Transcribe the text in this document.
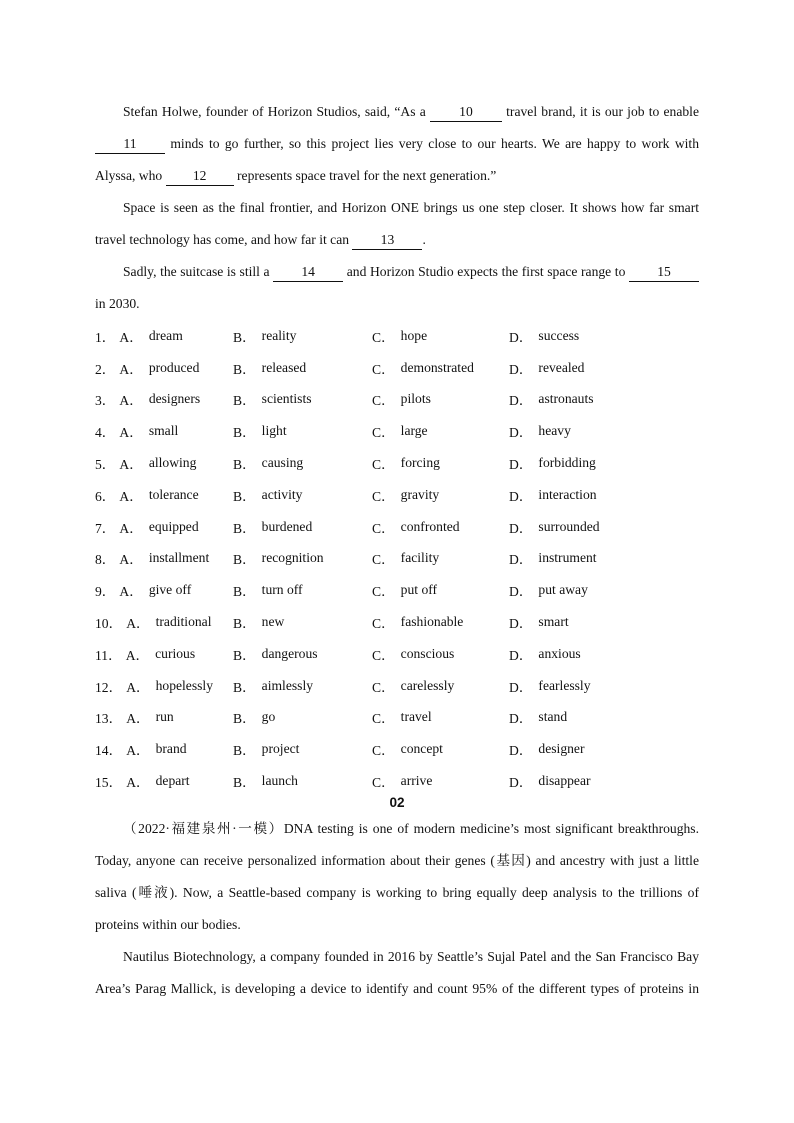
Stefan Holwe, founder of Horizon Studios, said, “As a 10 travel brand, it is our job to enable 11 minds to go further, so this project lies very close to our hearts. We are happy to work with Alyssa, who 12 represents space travel for the next generation.”

Space is seen as the final frontier, and Horizon ONE brings us one step closer. It shows how far smart travel technology has come, and how far it can 13 .

Sadly, the suitcase is still a 14 and Horizon Studio expects the first space range to 15 in 2030.

1． A． dream	B． reality	C． hope	D． success
2． A． produced B． released	C． demonstrated	D． revealed
3． A． designers B． scientists	C． pilots	D． astronauts
4． A． small	B． light	C． large	D． heavy
5． A． allowing	B． causing	C． forcing	D． forbidding
6． A． tolerance	B． activity	C． gravity	D． interaction
7． A． equipped	B． burdened	C． confronted	D． surrounded
8． A． installment B． recognition	C． facility	D． instrument
9． A． give off	B． turn off	C． put off	D． put away
10． A． traditional B． new	C． fashionable	D． smart
11． A． curious	B． dangerous	C． conscious	D． anxious
12． A． hopelessly B． aimlessly	C． carelessly	D． fearlessly
13． A． run	B． go	C． travel	D． stand
14． A． brand	B． project	C． concept	D． designer
15． A． depart	B． launch	C． arrive	D． disappear
02

（2022·福建泉州·一模）DNA testing is one of modern medicine’s most significant breakthroughs. Today, anyone can receive personalized information about their genes (基因) and ancestry with just a little saliva (唾液). Now, a Seattle-based company is working to bring equally deep analysis to the trillions of proteins within our bodies.

Nautilus Biotechnology, a company founded in 2016 by Seattle’s Sujal Patel and the San Francisco Bay Area’s Parag Mallick, is developing a device to identify and count 95% of the different types of proteins in
